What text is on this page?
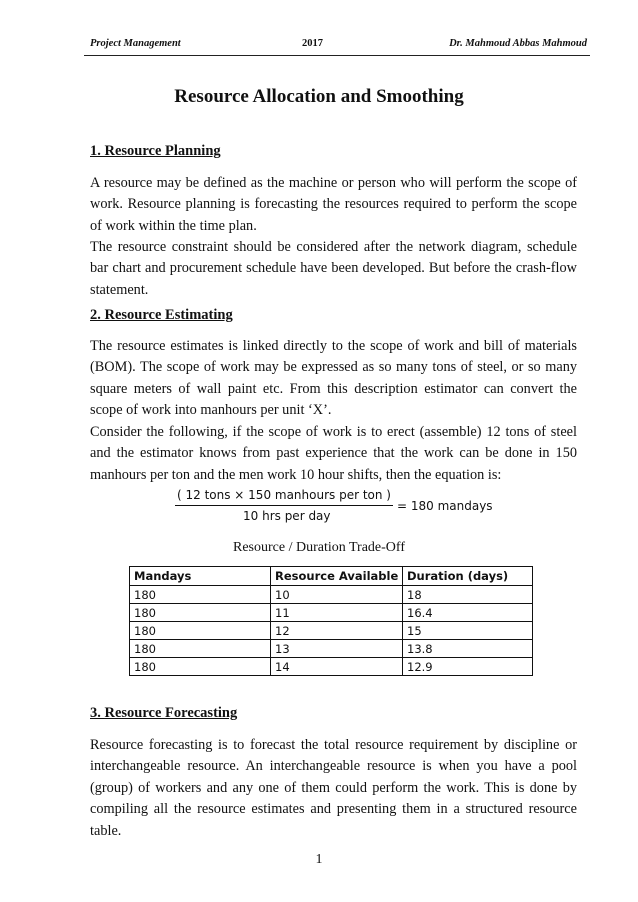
Project Management	2017	Dr. Mahmoud Abbas Mahmoud
Resource Allocation and Smoothing
1. Resource Planning

A resource may be defined as the machine or person who will perform the scope of work. Resource planning is forecasting the resources required to perform the scope of work within the time plan.

The resource constraint should be considered after the network diagram, schedule bar chart and procurement schedule have been developed. But before the crash-flow statement.

2. Resource Estimating

The resource estimates is linked directly to the scope of work and bill of materials (BOM). The scope of work may be expressed as so many tons of steel, or so many square meters of wall paint etc. From this description estimator can convert the scope of work into manhours per unit ‘X’.

Consider the following, if the scope of work is to erect (assemble) 12 tons of steel and the estimator knows from past experience that the work can be done in 150 manhours per ton and the men work 10 hour shifts, then the equation is:

( 12 tons × 150 manhours per ton )
10 hrs per day
= 180 mandays
Resource / Duration Trade-Off
Mandays	Resource Available	Duration (days)
180	10	18
180	11	16.4
180	12	15
180	13	13.8
180	14	12.9
3. Resource Forecasting

Resource forecasting is to forecast the total resource requirement by discipline or interchangeable resource. An interchangeable resource is when you have a pool (group) of workers and any one of them could perform the work. This is done by compiling all the resource estimates and presenting them in a structured resource table.

1
